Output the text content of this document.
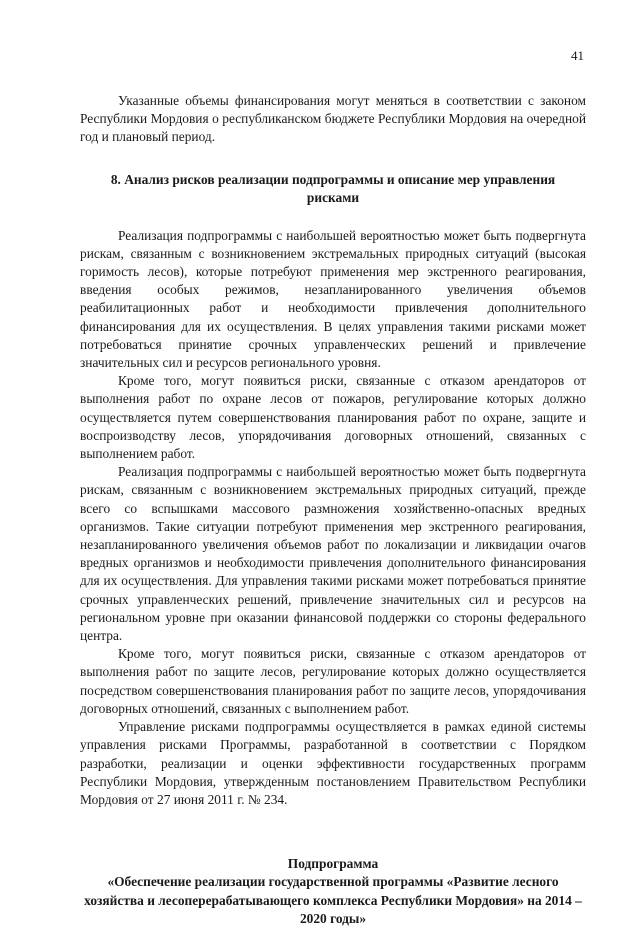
41

Указанные объемы финансирования могут меняться в соответствии с законом Республики Мордовия о республиканском бюджете Республики Мордовия на очередной год и плановый период.

8. Анализ рисков реализации подпрограммы и описание мер управления рисками

Реализация подпрограммы с наибольшей вероятностью может быть подвергнута рискам, связанным с возникновением экстремальных природных ситуаций (высокая горимость лесов), которые потребуют применения мер экстренного реагирования, введения особых режимов, незапланированного увеличения объемов реабилитационных работ и необходимости привлечения дополнительного финансирования для их осуществления. В целях управления такими рисками может потребоваться принятие срочных управленческих решений и привлечение значительных сил и ресурсов регионального уровня.

Кроме того, могут появиться риски, связанные с отказом арендаторов от выполнения работ по охране лесов от пожаров, регулирование которых должно осуществляется путем совершенствования планирования работ по охране, защите и воспроизводству лесов, упорядочивания договорных отношений, связанных с выполнением работ.

Реализация подпрограммы с наибольшей вероятностью может быть подвергнута рискам, связанным с возникновением экстремальных природных ситуаций, прежде всего со вспышками массового размножения хозяйственно-опасных вредных организмов. Такие ситуации потребуют применения мер экстренного реагирования, незапланированного увеличения объемов работ по локализации и ликвидации очагов вредных организмов и необходимости привлечения дополнительного финансирования для их осуществления. Для управления такими рисками может потребоваться принятие срочных управленческих решений, привлечение значительных сил и ресурсов на региональном уровне при оказании финансовой поддержки со стороны федерального центра.

Кроме того, могут появиться риски, связанные с отказом арендаторов от выполнения работ по защите лесов, регулирование которых должно осуществляется посредством совершенствования планирования работ по защите лесов, упорядочивания договорных отношений, связанных с выполнением работ.

Управление рисками подпрограммы осуществляется в рамках единой системы управления рисками Программы, разработанной в соответствии с Порядком разработки, реализации и оценки эффективности государственных программ Республики Мордовия, утвержденным постановлением Правительством Республики Мордовия от 27 июня 2011 г. № 234.

Подпрограмма
«Обеспечение реализации государственной программы «Развитие лесного хозяйства и лесоперерабатывающего комплекса Республики Мордовия» на 2014 – 2020 годы»
